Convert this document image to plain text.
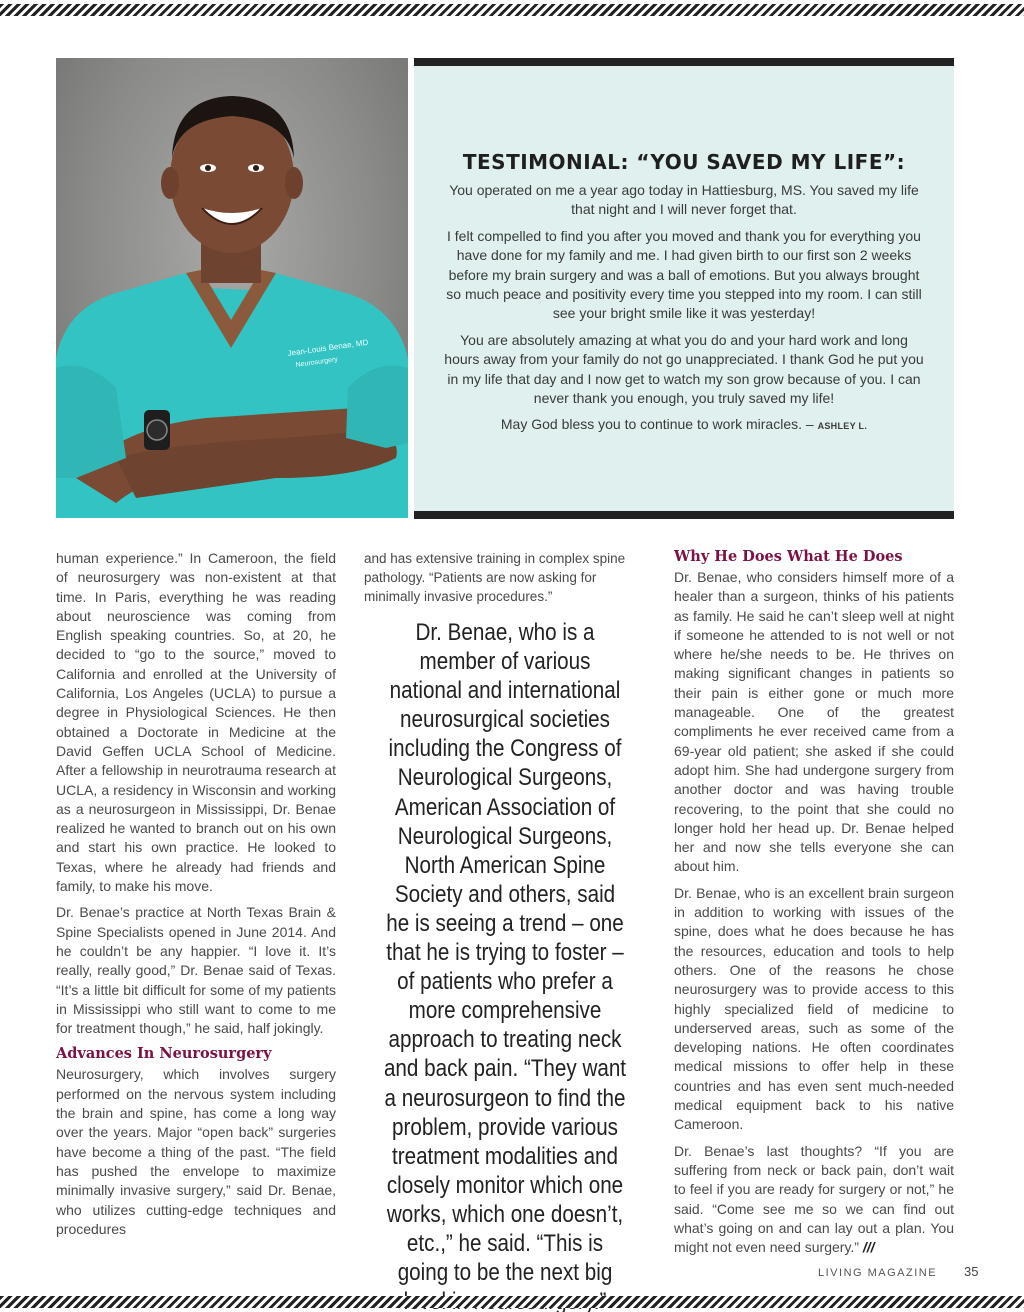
Jean-Louis Benae, MD
Neurosurgery
TESTIMONIAL: “YOU SAVED MY LIFE”:

You operated on me a year ago today in Hattiesburg, MS. You saved my life that night and I will never forget that.

I felt compelled to find you after you moved and thank you for everything you have done for my family and me. I had given birth to our first son 2 weeks before my brain surgery and was a ball of emotions. But you always brought so much peace and positivity every time you stepped into my room. I can still see your bright smile like it was yesterday!

You are absolutely amazing at what you do and your hard work and long hours away from your family do not go unappreciated. I thank God he put you in my life that day and I now get to watch my son grow because of you. I can never thank you enough, you truly saved my life!

May God bless you to continue to work miracles. – ASHLEY L.

human experience.” In Cameroon, the field of neurosurgery was non-existent at that time. In Paris, everything he was reading about neuroscience was coming from English speaking countries. So, at 20, he decided to “go to the source,” moved to California and enrolled at the University of California, Los Angeles (UCLA) to pursue a degree in Physiological Sciences. He then obtained a Doctorate in Medicine at the David Geffen UCLA School of Medicine. After a fellowship in neurotrauma research at UCLA, a residency in Wisconsin and working as a neurosurgeon in Mississippi, Dr. Benae realized he wanted to branch out on his own and start his own practice. He looked to Texas, where he already had friends and family, to make his move.

Dr. Benae’s practice at North Texas Brain & Spine Specialists opened in June 2014. And he couldn’t be any happier. “I love it. It’s really, really good,” Dr. Benae said of Texas. “It’s a little bit difficult for some of my patients in Mississippi who still want to come to me for treatment though,” he said, half jokingly.

Advances In Neurosurgery

Neurosurgery, which involves surgery performed on the nervous system including the brain and spine, has come a long way over the years. Major “open back” surgeries have become a thing of the past. “The field has pushed the envelope to maximize minimally invasive surgery,” said Dr. Benae, who utilizes cutting-edge techniques and procedures

and has extensive training in complex spine pathology. “Patients are now asking for minimally invasive procedures.”

Dr. Benae, who is a member of various national and international neurosurgical societies including the Congress of Neurological Surgeons, American Association of Neurological Surgeons, North American Spine Society and others, said he is seeing a trend – one that he is trying to foster – of patients who prefer a more comprehensive approach to treating neck and back pain. “They want a neurosurgeon to find the problem, provide various treatment modalities and closely monitor which one works, which one doesn’t, etc.,” he said. “This is going to be the next big
Why He Does What He Does

Dr. Benae, who considers himself more of a healer than a surgeon, thinks of his patients as family. He said he can’t sleep well at night if someone he attended to is not well or not where he/she needs to be. He thrives on making significant changes in patients so their pain is either gone or much more manageable. One of the greatest compliments he ever received came from a 69-year old patient; she asked if she could adopt him. She had undergone surgery from another doctor and was having trouble recovering, to the point that she could no longer hold her head up. Dr. Benae helped her and now she tells everyone she can about him.

Dr. Benae, who is an excellent brain surgeon in addition to working with issues of the spine, does what he does because he has the resources, education and tools to help others. One of the reasons he chose neurosurgery was to provide access to this highly specialized field of medicine to underserved areas, such as some of the developing nations. He often coordinates medical missions to offer help in these countries and has even sent much-needed medical equipment back to his native Cameroon.

Dr. Benae’s last thoughts? “If you are suffering from neck or back pain, don’t wait to feel if you are ready for surgery or not,” he said. “Come see me so we can find out what’s going on and can lay out a plan. You might not even need surgery.” ///

LIVING MAGAZINE 35
